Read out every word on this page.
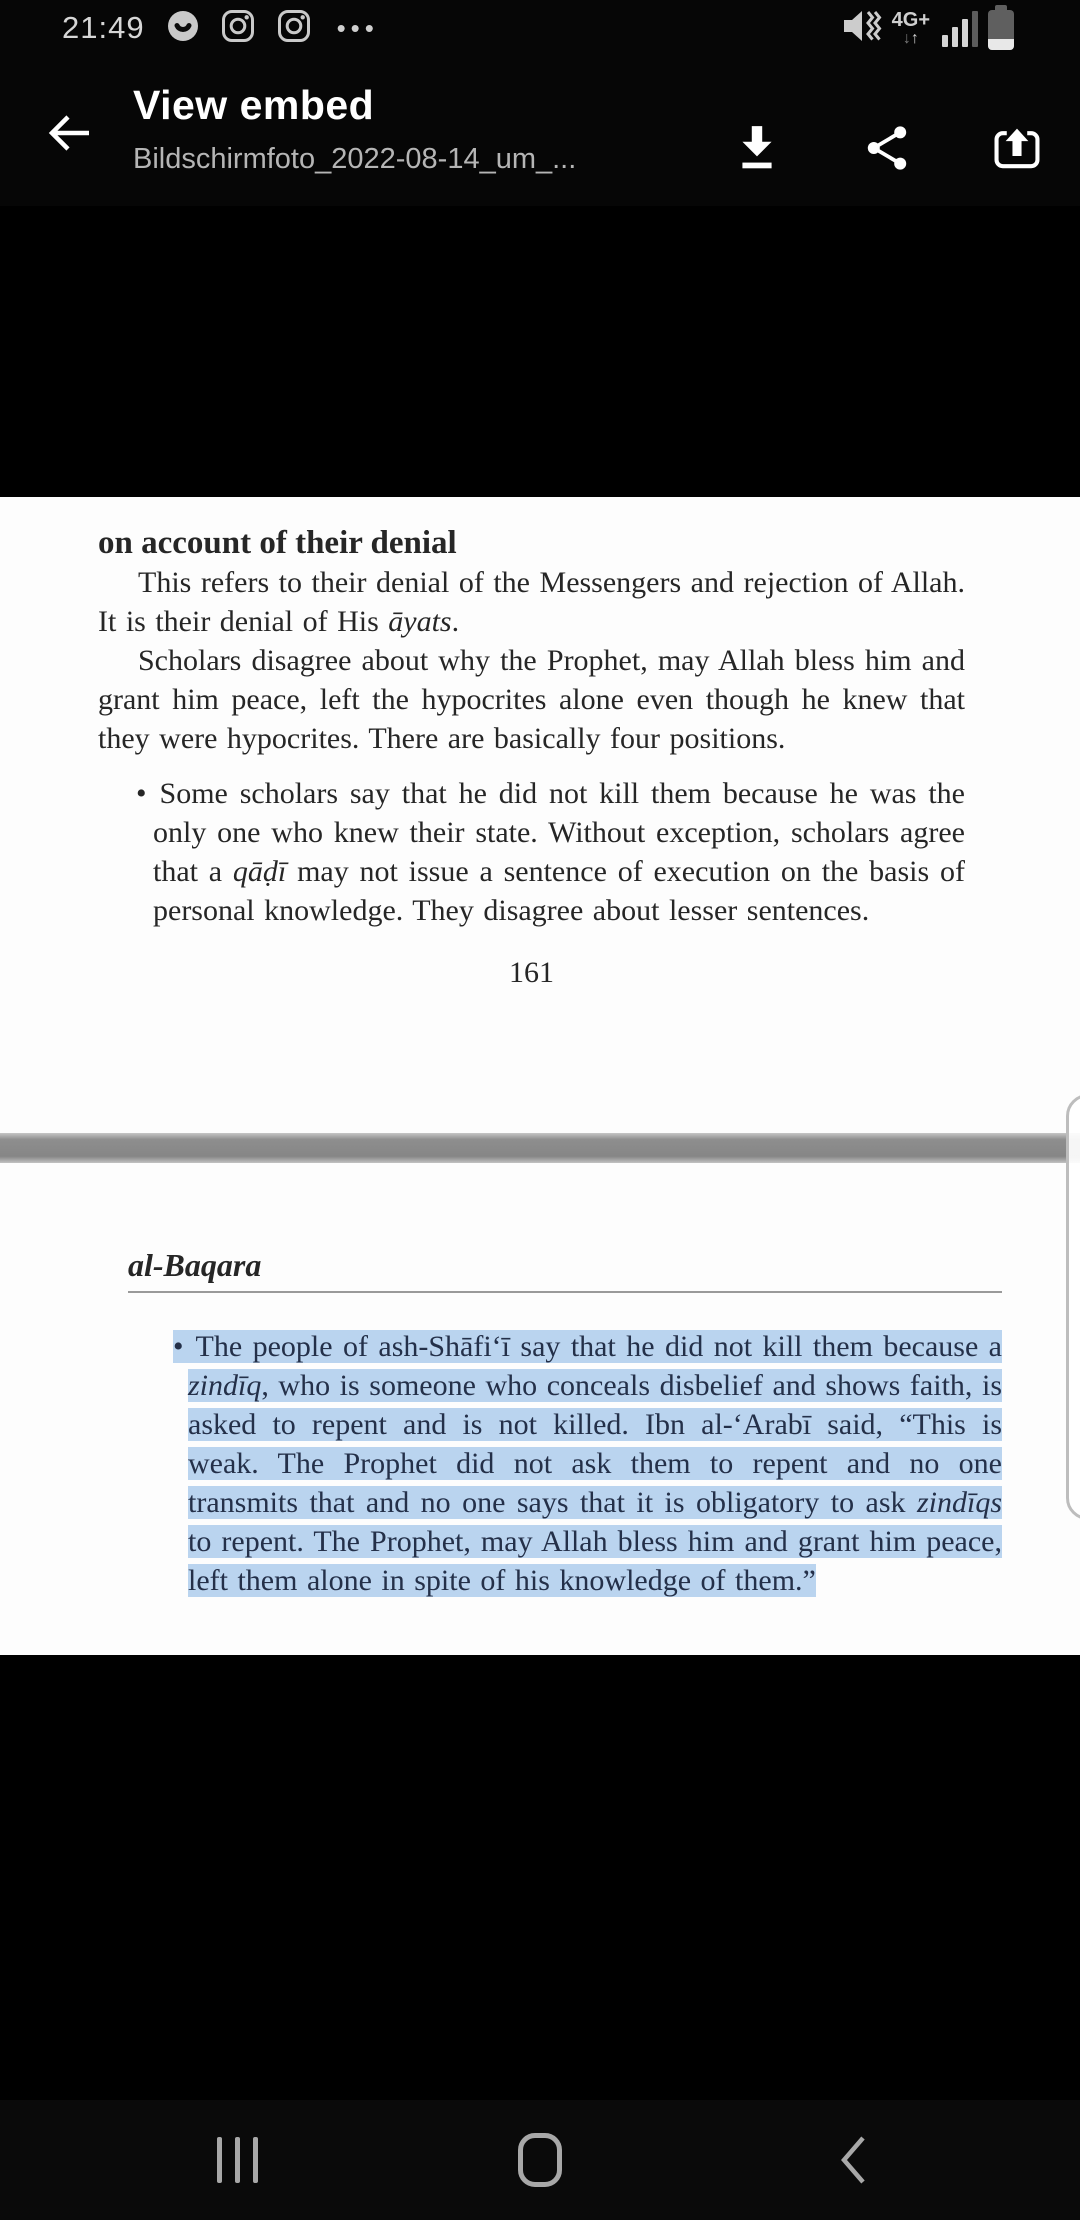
21:49	•••	4G+
↓↑
View embed
Bildschirmfoto_2022-08-14_um_...
on account of their denial

This refers to their denial of the Messengers and rejection of Allah. It is their denial of His āyats.

Scholars disagree about why the Prophet, may Allah bless him and grant him peace, left the hypocrites alone even though he knew that they were hypocrites. There are basically four positions.

• Some scholars say that he did not kill them because he was the only one who knew their state. Without exception, scholars agree that a qāḍī may not issue a sentence of execution on the basis of personal knowledge. They disagree about lesser sentences.

161

al-Baqara

• The people of ash-Shāfi‘ī say that he did not kill them because a zindīq, who is someone who conceals disbelief and shows faith, is asked to repent and is not killed. Ibn al-‘Arabī said, “This is weak. The Prophet did not ask them to repent and no one transmits that and no one says that it is obligatory to ask zindīqs to repent. The Prophet, may Allah bless him and grant him peace, left them alone in spite of his knowledge of them.”
